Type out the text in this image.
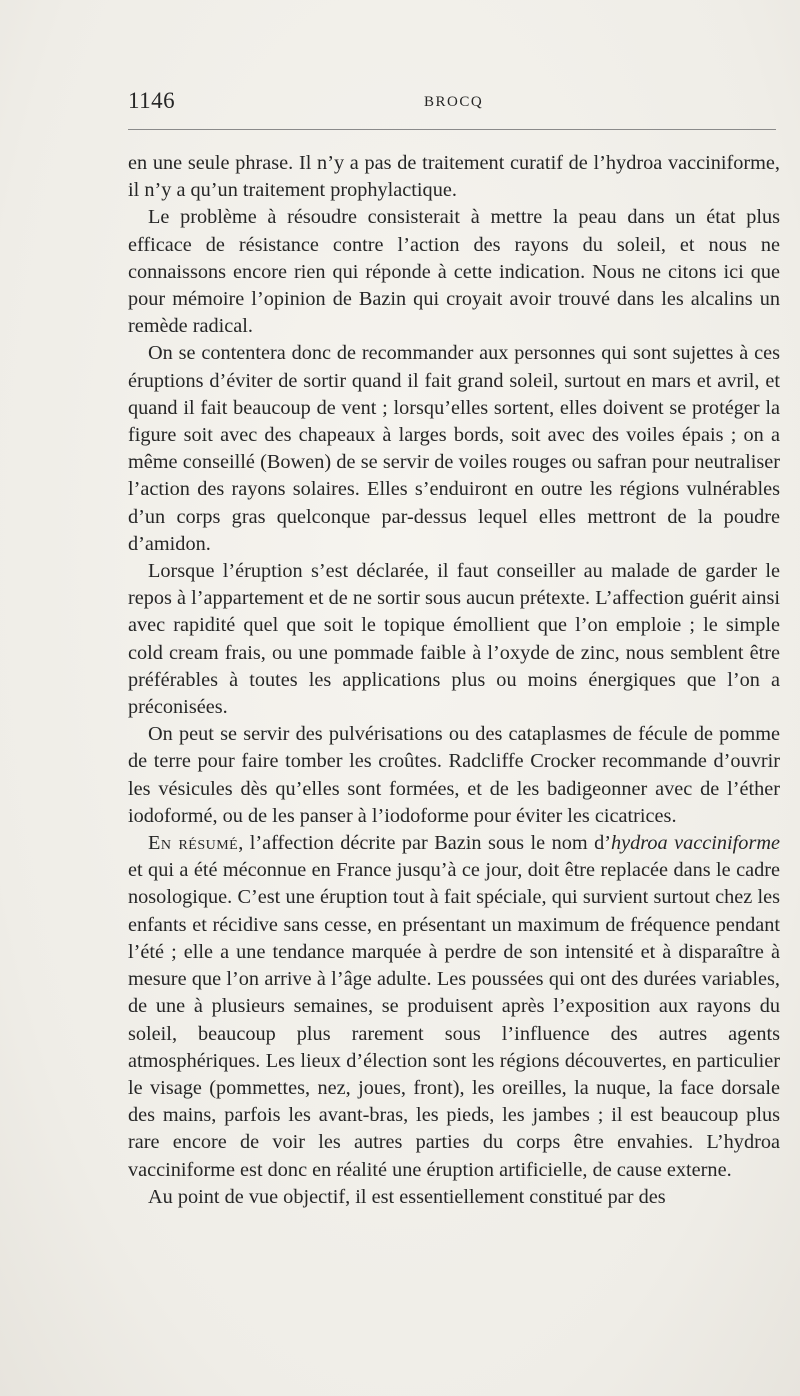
1146	BROCQ

en une seule phrase. Il n’y a pas de traitement curatif de l’hydroa vacciniforme, il n’y a qu’un traitement prophylactique.

Le problème à résoudre consisterait à mettre la peau dans un état plus efficace de résistance contre l’action des rayons du soleil, et nous ne connaissons encore rien qui réponde à cette indication. Nous ne citons ici que pour mémoire l’opinion de Bazin qui croyait avoir trouvé dans les alcalins un remède radical.

On se contentera donc de recommander aux personnes qui sont sujettes à ces éruptions d’éviter de sortir quand il fait grand soleil, surtout en mars et avril, et quand il fait beaucoup de vent ; lorsqu’elles sortent, elles doivent se protéger la figure soit avec des chapeaux à larges bords, soit avec des voiles épais ; on a même conseillé (Bowen) de se servir de voiles rouges ou safran pour neutraliser l’action des rayons solaires. Elles s’enduiront en outre les régions vulnérables d’un corps gras quelconque par-dessus lequel elles mettront de la poudre d’amidon.

Lorsque l’éruption s’est déclarée, il faut conseiller au malade de garder le repos à l’appartement et de ne sortir sous aucun prétexte. L’affection guérit ainsi avec rapidité quel que soit le topique émollient que l’on emploie ; le simple cold cream frais, ou une pommade faible à l’oxyde de zinc, nous semblent être préférables à toutes les applications plus ou moins énergiques que l’on a préconisées.

On peut se servir des pulvérisations ou des cataplasmes de fécule de pomme de terre pour faire tomber les croûtes. Radcliffe Crocker recommande d’ouvrir les vésicules dès qu’elles sont formées, et de les badigeonner avec de l’éther iodoformé, ou de les panser à l’iodoforme pour éviter les cicatrices.

En résumé, l’affection décrite par Bazin sous le nom d’hydroa vacciniforme et qui a été méconnue en France jusqu’à ce jour, doit être replacée dans le cadre nosologique. C’est une éruption tout à fait spéciale, qui survient surtout chez les enfants et récidive sans cesse, en présentant un maximum de fréquence pendant l’été ; elle a une tendance marquée à perdre de son intensité et à disparaître à mesure que l’on arrive à l’âge adulte. Les poussées qui ont des durées variables, de une à plusieurs semaines, se produisent après l’exposition aux rayons du soleil, beaucoup plus rarement sous l’influence des autres agents atmosphériques. Les lieux d’élection sont les régions découvertes, en particulier le visage (pommettes, nez, joues, front), les oreilles, la nuque, la face dorsale des mains, parfois les avant-bras, les pieds, les jambes ; il est beaucoup plus rare encore de voir les autres parties du corps être envahies. L’hydroa vacciniforme est donc en réalité une éruption artificielle, de cause externe.

Au point de vue objectif, il est essentiellement constitué par des
